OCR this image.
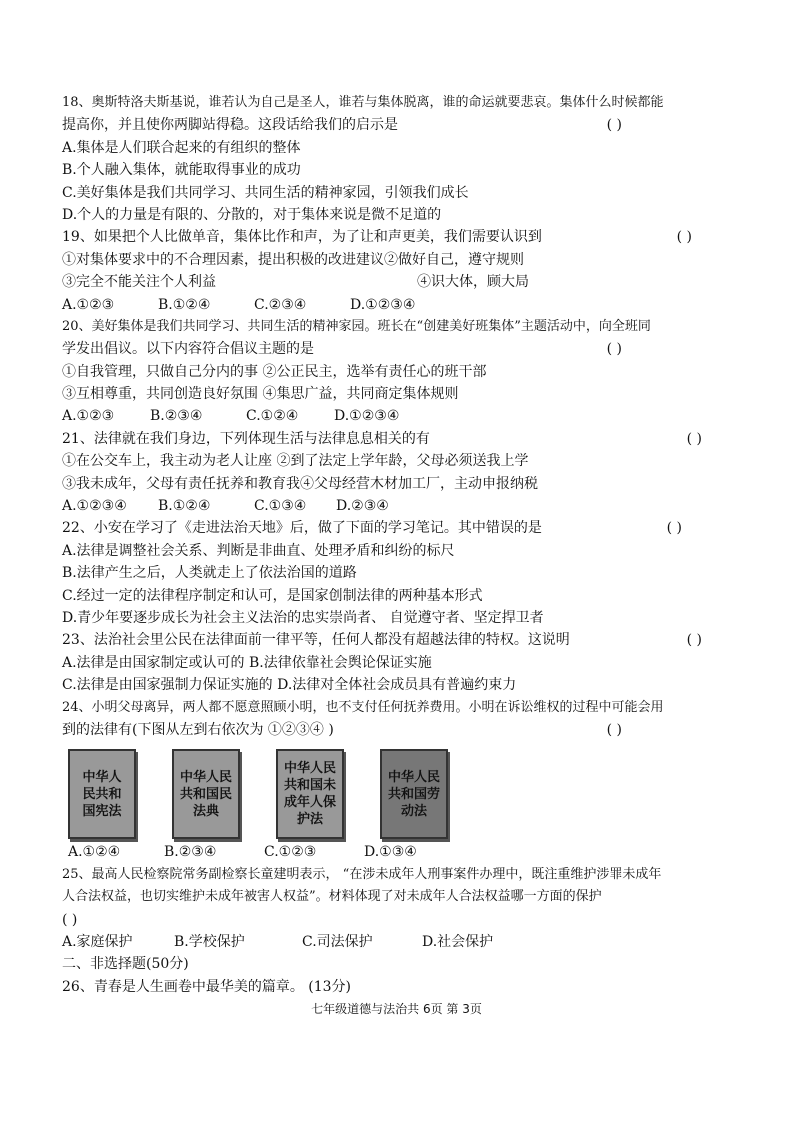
18、奥斯特洛夫斯基说，谁若认为自己是圣人，谁若与集体脱离，谁的命运就要悲哀。集体什么时候都能
提高你，并且使你两脚站得稳。这段话给我们的启示是	( )
A.集体是人们联合起来的有组织的整体
B.个人融入集体，就能取得事业的成功
C.美好集体是我们共同学习、共同生活的精神家园，引领我们成长
D.个人的力量是有限的、分散的，对于集体来说是微不足道的
19、如果把个人比做单音，集体比作和声，为了让和声更美，我们需要认识到	( )
①对集体要求中的不合理因素，提出积极的改进建议②做好自己，遵守规则
③完全不能关注个人利益	④识大体，顾大局
A.①②③	B.①②④	C.②③④	D.①②③④
20、美好集体是我们共同学习、共同生活的精神家园。班长在“创建美好班集体”主题活动中，向全班同
学发出倡议。以下内容符合倡议主题的是	( )
①自我管理，只做自己分内的事 ②公正民主，选举有责任心的班干部
③互相尊重，共同创造良好氛围 ④集思广益，共同商定集体规则
A.①②③	B.②③④	C.①②④	D.①②③④
21、法律就在我们身边，下列体现生活与法律息息相关的有	( )
①在公交车上，我主动为老人让座 ②到了法定上学年龄，父母必须送我上学
③我未成年，父母有责任抚养和教育我④父母经营木材加工厂，主动申报纳税
A.①②③④ B.①②④	C.①③④ D.②③④
22、小安在学习了《走进法治天地》后，做了下面的学习笔记。其中错误的是	( )
A.法律是调整社会关系、判断是非曲直、处理矛盾和纠纷的标尺
B.法律产生之后，人类就走上了依法治国的道路
C.经过一定的法律程序制定和认可，是国家创制法律的两种基本形式
D.青少年要逐步成长为社会主义法治的忠实崇尚者、 自觉遵守者、坚定捍卫者
23、法治社会里公民在法律面前一律平等，任何人都没有超越法律的特权。这说明	( )
A.法律是由国家制定或认可的 B.法律依靠社会舆论保证实施
C.法律是由国家强制力保证实施的 D.法律对全体社会成员具有普遍约束力
24、小明父母离异，两人都不愿意照顾小明，也不支付任何抚养费用。小明在诉讼维权的过程中可能会用
到的法律有(下图从左到右依次为 ①②③④ )	( )
中华人
民共和
国宪法
中华人民
共和国民
法典
中华人民
共和国未
成年人保
护法
中华人民
共和国劳
动法
A.①②④	B.②③④	C.①②③	D.①③④
25、最高人民检察院常务副检察长童建明表示， “在涉未成年人刑事案件办理中，既注重维护涉罪未成年
人合法权益，也切实维护未成年被害人权益”。材料体现了对未成年人合法权益哪一方面的保护
( )
A.家庭保护	B.学校保护	C.司法保护	D.社会保护
二、非选择题(50分)
26、青春是人生画卷中最华美的篇章。 (13分)
七年级道德与法治共 6页 第 3页
